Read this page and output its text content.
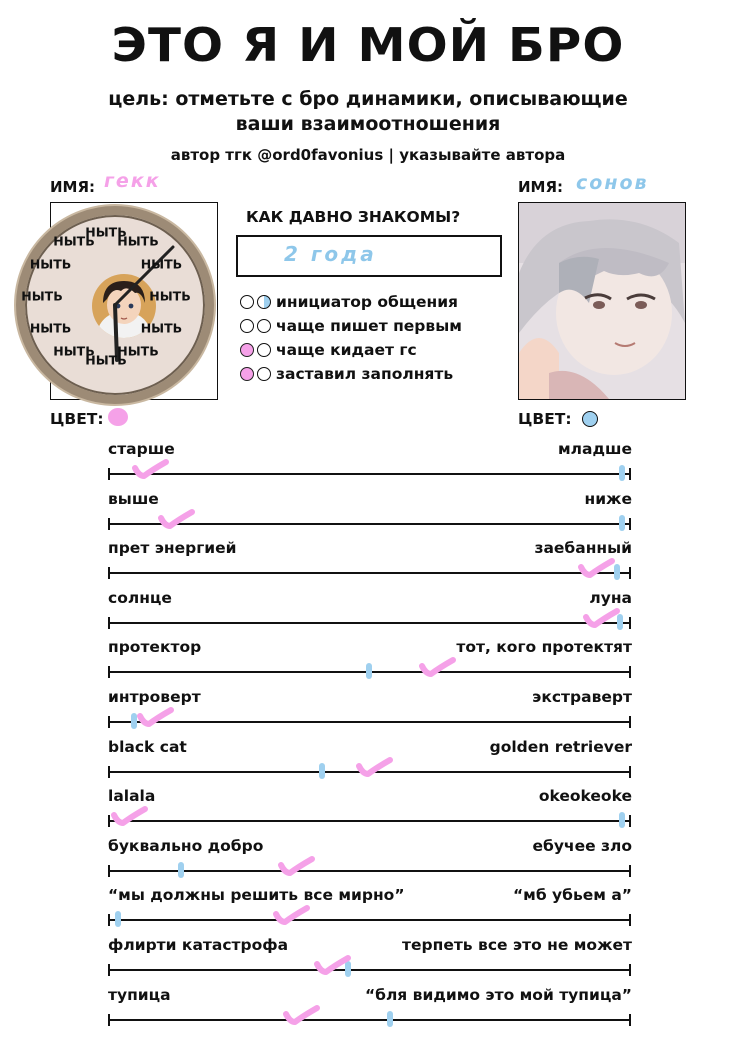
ЭТО Я И МОЙ БРО
цель: отметьте с бро динамики, описывающие
ваши взаимоотношения
автор тгк @ord0favonius | указывайте автора
ИМЯ: гекк
НЫТЬ
НЫТЬ
НЫТЬ
НЫТЬ
НЫТЬ
НЫТЬ
НЫТЬ
НЫТЬ
НЫТЬ
НЫТЬ
НЫТЬ
НЫТЬ
ЦВЕТ:
ИМЯ: сонов
ЦВЕТ:
КАК ДАВНО ЗНАКОМЫ?
2 года
инициатор общения
чаще пишет первым
чаще кидает гс
заставил заполнять
старше	младше
выше	ниже
прет энергией	заебанный
солнце	луна
протектор	тот, кого протектят
интроверт	экстраверт
black cat	golden retriever
lalala	okeokeoke
буквально добро	ебучее зло
“мы должны решить все мирно”	“мб убьем а”
флирти катастрофа	терпеть все это не может
тупица	“бля видимо это мой тупица”
